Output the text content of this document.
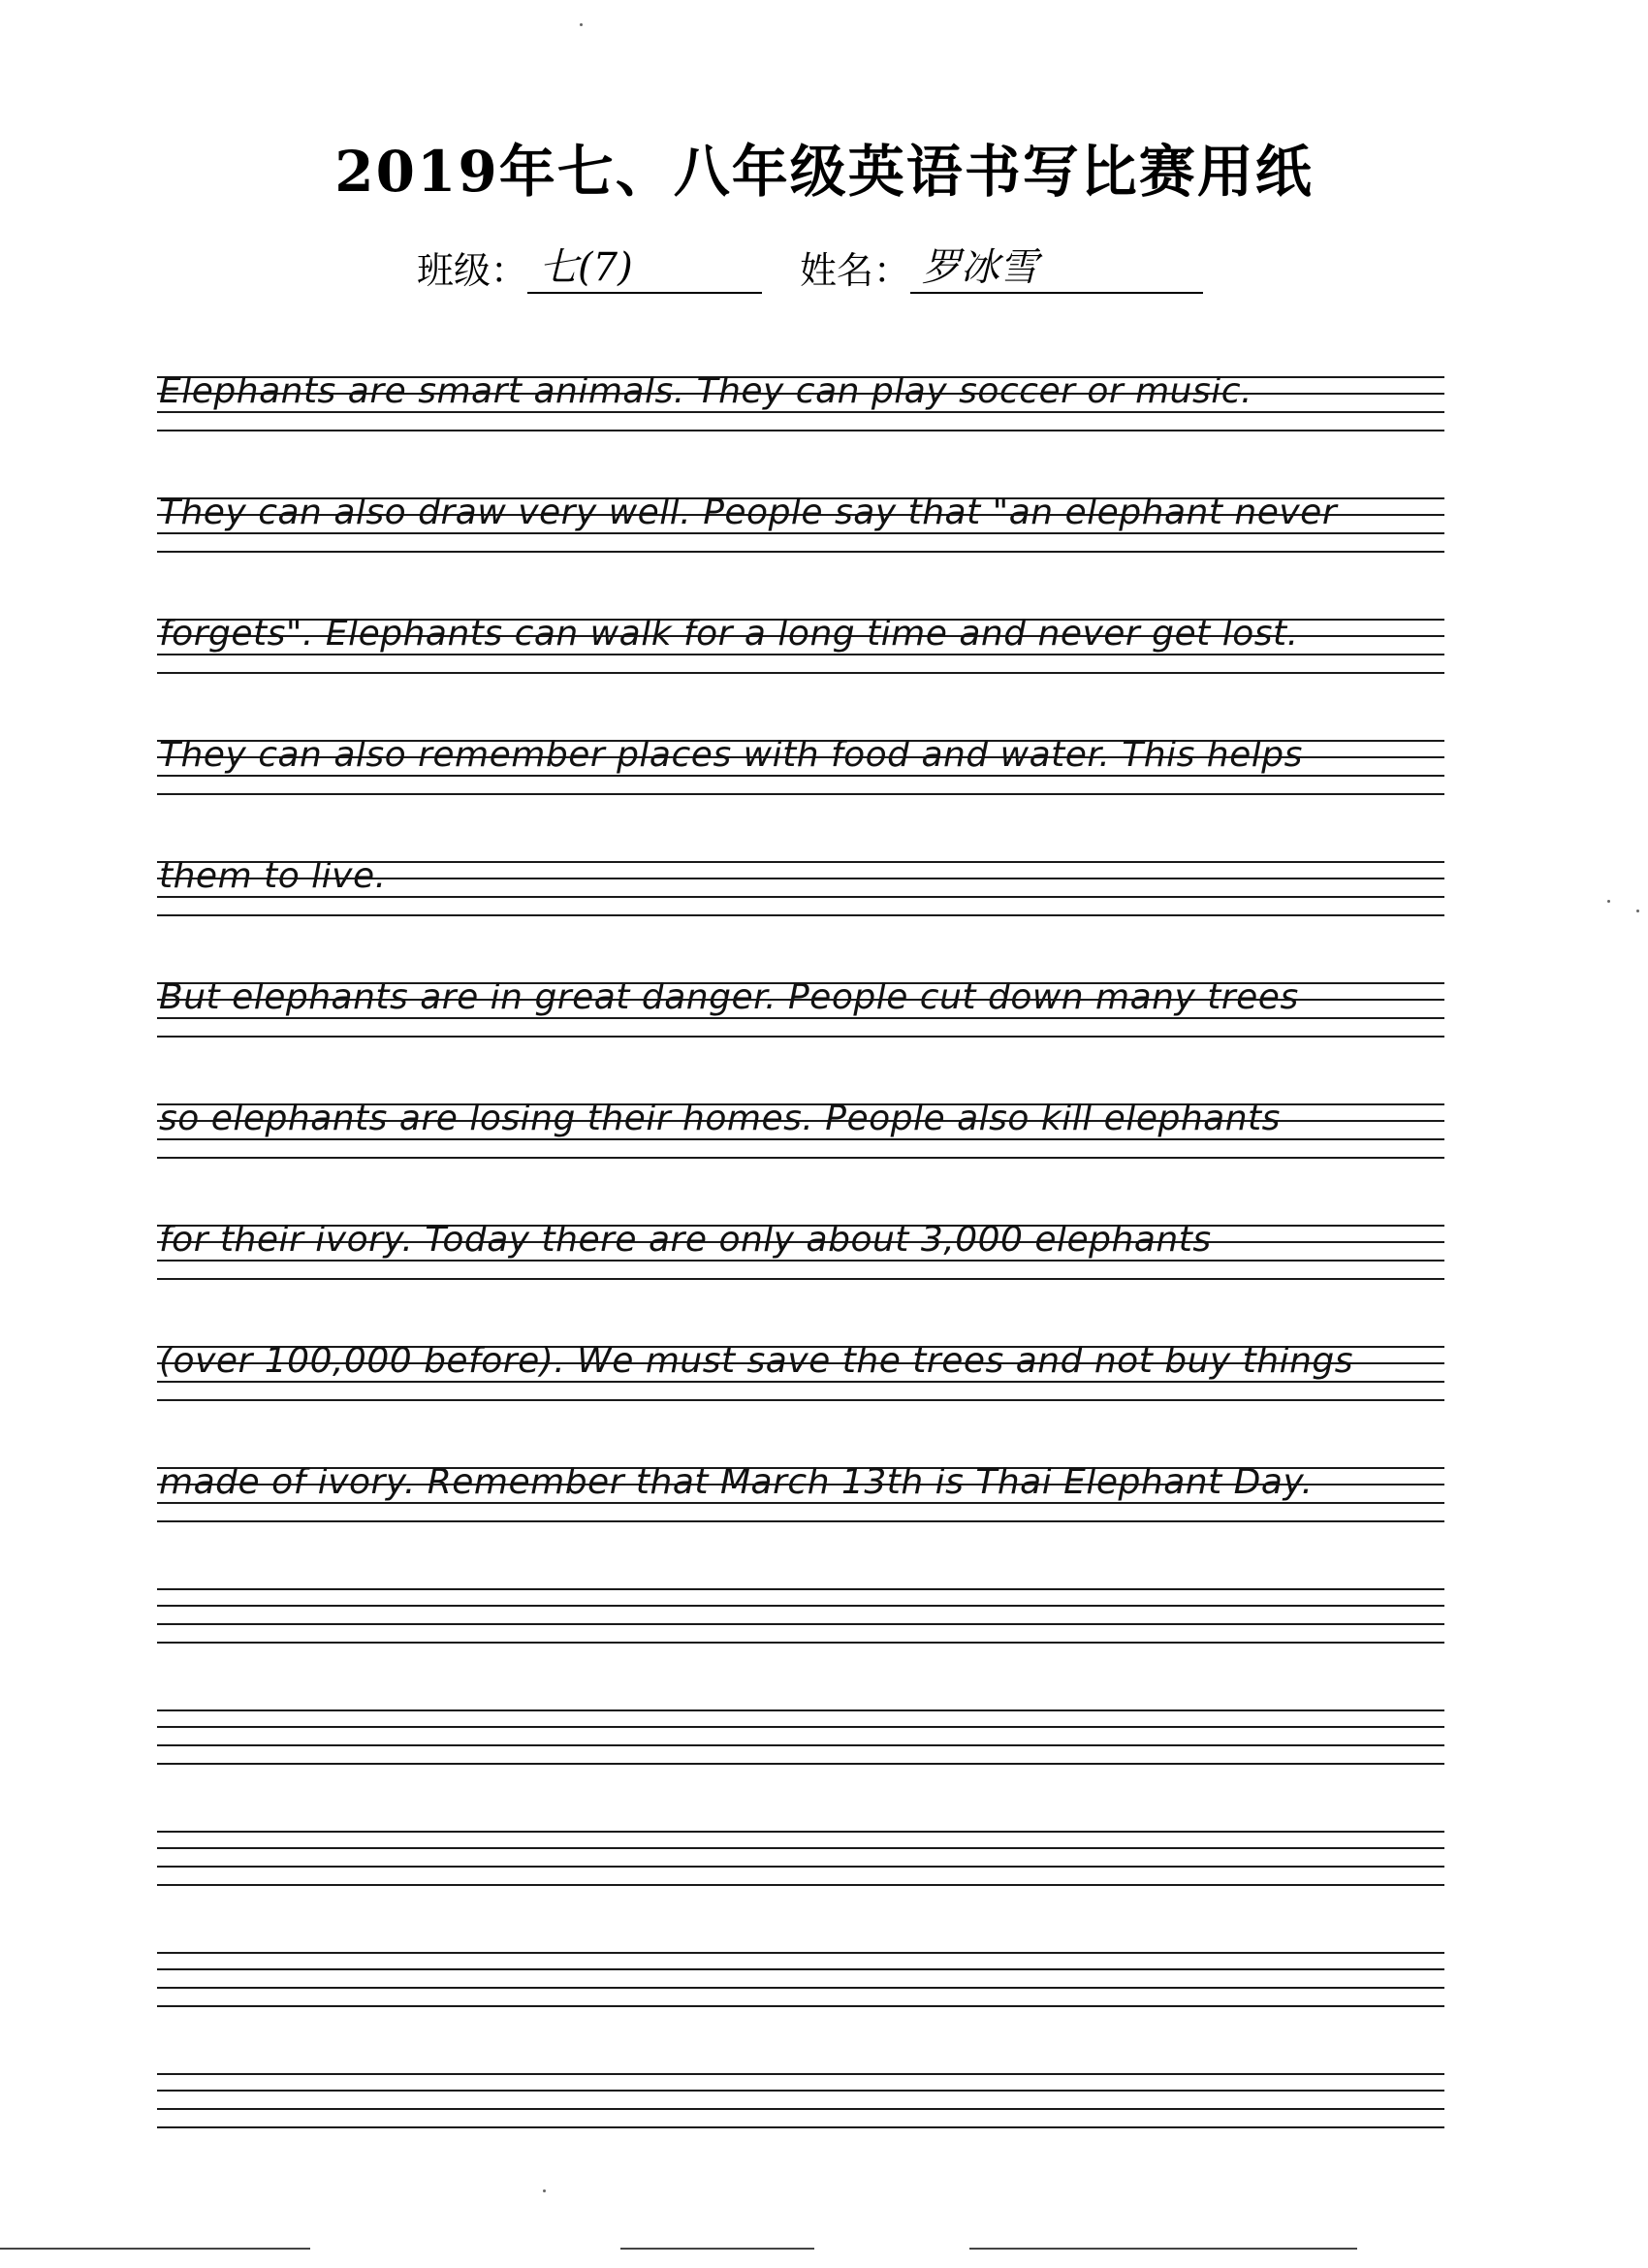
2019年七、八年级英语书写比赛用纸
班级： 七(7)	姓名： 罗冰雪
Elephants are smart animals. They can play soccer or music.
They can also draw very well. People say that "an elephant never
forgets". Elephants can walk for a long time and never get lost.
They can also remember places with food and water. This helps
them to live.
But elephants are in great danger. People cut down many trees
so elephants are losing their homes. People also kill elephants
for their ivory. Today there are only about 3,000 elephants
(over 100,000 before). We must save the trees and not buy things
made of ivory. Remember that March 13th is Thai Elephant Day.
